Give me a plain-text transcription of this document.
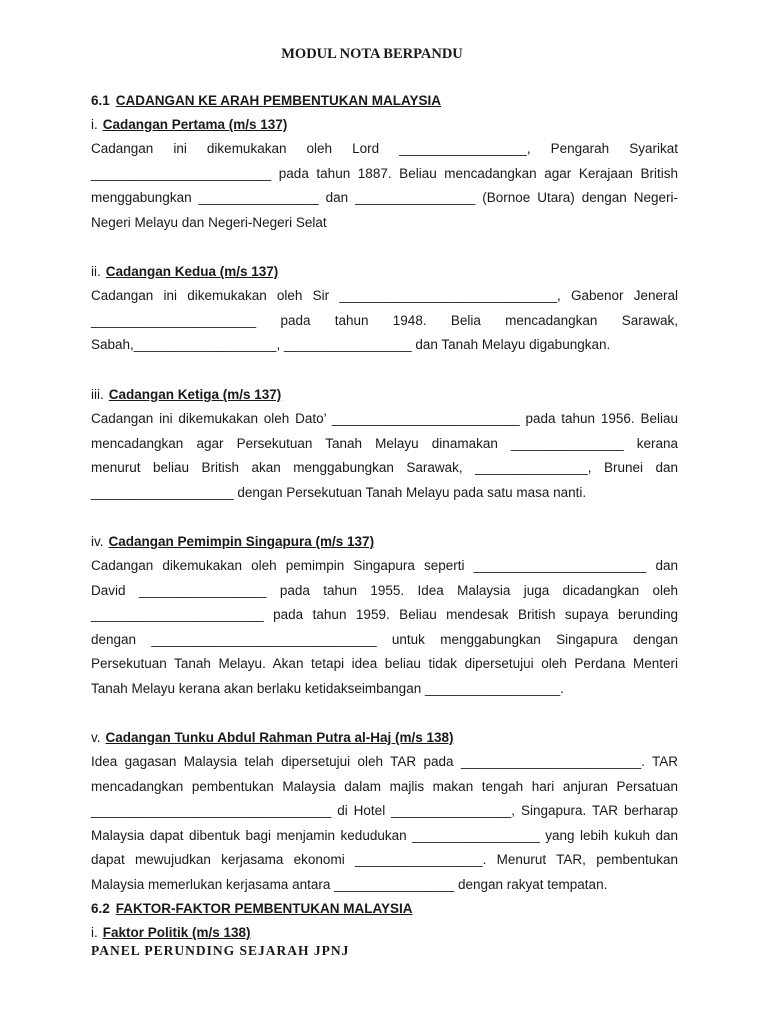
MODUL NOTA BERPANDU
6.1 CADANGAN KE ARAH PEMBENTUKAN MALAYSIA
i. Cadangan Pertama (m/s 137)
Cadangan ini dikemukakan oleh Lord _________________, Pengarah Syarikat
________________________ pada tahun 1887. Beliau mencadangkan agar Kerajaan British
menggabungkan ________________ dan ________________ (Bornoe Utara) dengan Negeri-
Negeri Melayu dan Negeri-Negeri Selat
ii. Cadangan Kedua (m/s 137)
Cadangan ini dikemukakan oleh Sir _____________________________, Gabenor Jeneral
______________________ pada tahun 1948. Belia mencadangkan Sarawak,
Sabah,___________________, _________________ dan Tanah Melayu digabungkan.
iii. Cadangan Ketiga (m/s 137)
Cadangan ini dikemukakan oleh Dato’ _________________________ pada tahun 1956. Beliau
mencadangkan agar Persekutuan Tanah Melayu dinamakan _______________ kerana
menurut beliau British akan menggabungkan Sarawak, _______________, Brunei dan
___________________ dengan Persekutuan Tanah Melayu pada satu masa nanti.
iv. Cadangan Pemimpin Singapura (m/s 137)
Cadangan dikemukakan oleh pemimpin Singapura seperti _______________________ dan
David _________________ pada tahun 1955. Idea Malaysia juga dicadangkan oleh
_______________________ pada tahun 1959. Beliau mendesak British supaya berunding
dengan ______________________________ untuk menggabungkan Singapura dengan
Persekutuan Tanah Melayu. Akan tetapi idea beliau tidak dipersetujui oleh Perdana Menteri
Tanah Melayu kerana akan berlaku ketidakseimbangan __________________.
v. Cadangan Tunku Abdul Rahman Putra al-Haj (m/s 138)
Idea gagasan Malaysia telah dipersetujui oleh TAR pada ________________________. TAR
mencadangkan pembentukan Malaysia dalam majlis makan tengah hari anjuran Persatuan
________________________________ di Hotel ________________, Singapura. TAR berharap
Malaysia dapat dibentuk bagi menjamin kedudukan _________________ yang lebih kukuh dan
dapat mewujudkan kerjasama ekonomi _________________. Menurut TAR, pembentukan
Malaysia memerlukan kerjasama antara ________________ dengan rakyat tempatan.
6.2 FAKTOR-FAKTOR PEMBENTUKAN MALAYSIA
i. Faktor Politik (m/s 138)
PANEL PERUNDING SEJARAH JPNJ
